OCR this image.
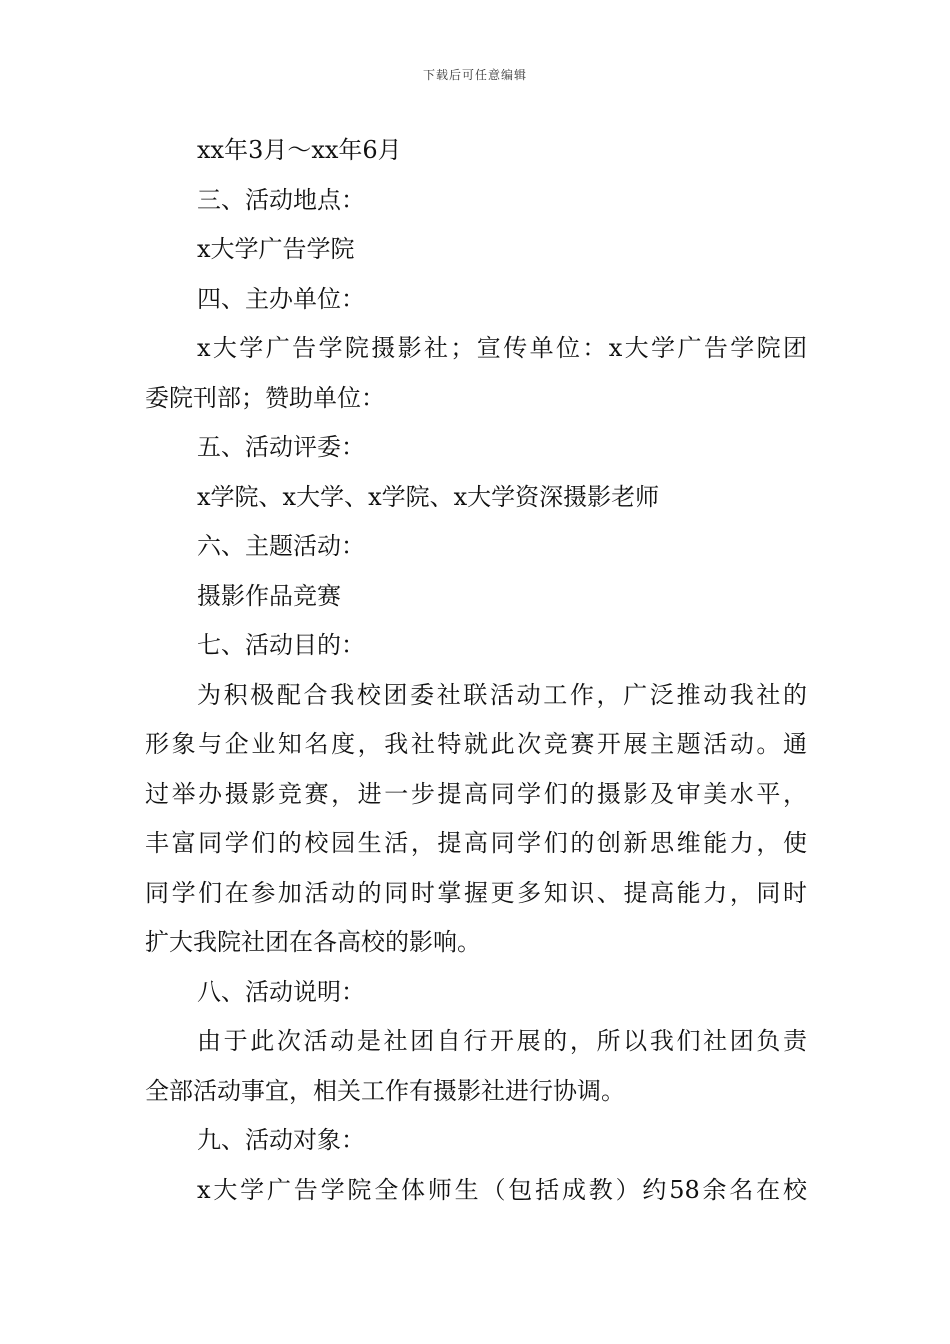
下载后可任意编辑
xx年3月～xx年6月
三、活动地点：
x大学广告学院
四、主办单位：
x大学广告学院摄影社；宣传单位：x大学广告学院团
委院刊部；赞助单位：
五、活动评委：
x学院、x大学、x学院、x大学资深摄影老师
六、主题活动：
摄影作品竞赛
七、活动目的：
为积极配合我校团委社联活动工作，广泛推动我社的
形象与企业知名度，我社特就此次竞赛开展主题活动。通
过举办摄影竞赛，进一步提高同学们的摄影及审美水平，
丰富同学们的校园生活，提高同学们的创新思维能力，使
同学们在参加活动的同时掌握更多知识、提高能力，同时
扩大我院社团在各高校的影响。
八、活动说明：
由于此次活动是社团自行开展的，所以我们社团负责
全部活动事宜，相关工作有摄影社进行协调。
九、活动对象：
x大学广告学院全体师生（包括成教）约58余名在校
